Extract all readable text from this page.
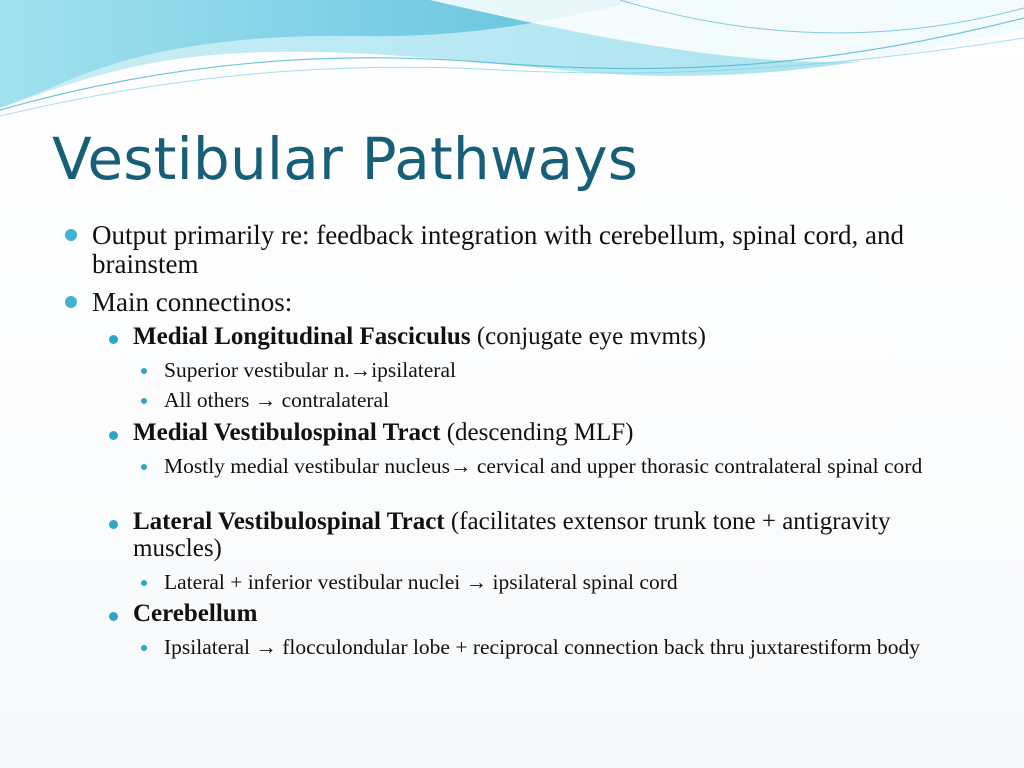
Vestibular Pathways

Output primarily re: feedback integration with cerebellum, spinal cord, and brainstem

Main connectinos:

Medial Longitudinal Fasciculus (conjugate eye mvmts)

Superior vestibular n.→ipsilateral

All others → contralateral

Medial Vestibulospinal Tract (descending MLF)

Mostly medial vestibular nucleus→ cervical and upper thorasic contralateral spinal cord

Lateral Vestibulospinal Tract (facilitates extensor trunk tone + antigravity muscles)

Lateral + inferior vestibular nuclei → ipsilateral spinal cord

Cerebellum

Ipsilateral → flocculondular lobe + reciprocal connection back thru juxtarestiform body
